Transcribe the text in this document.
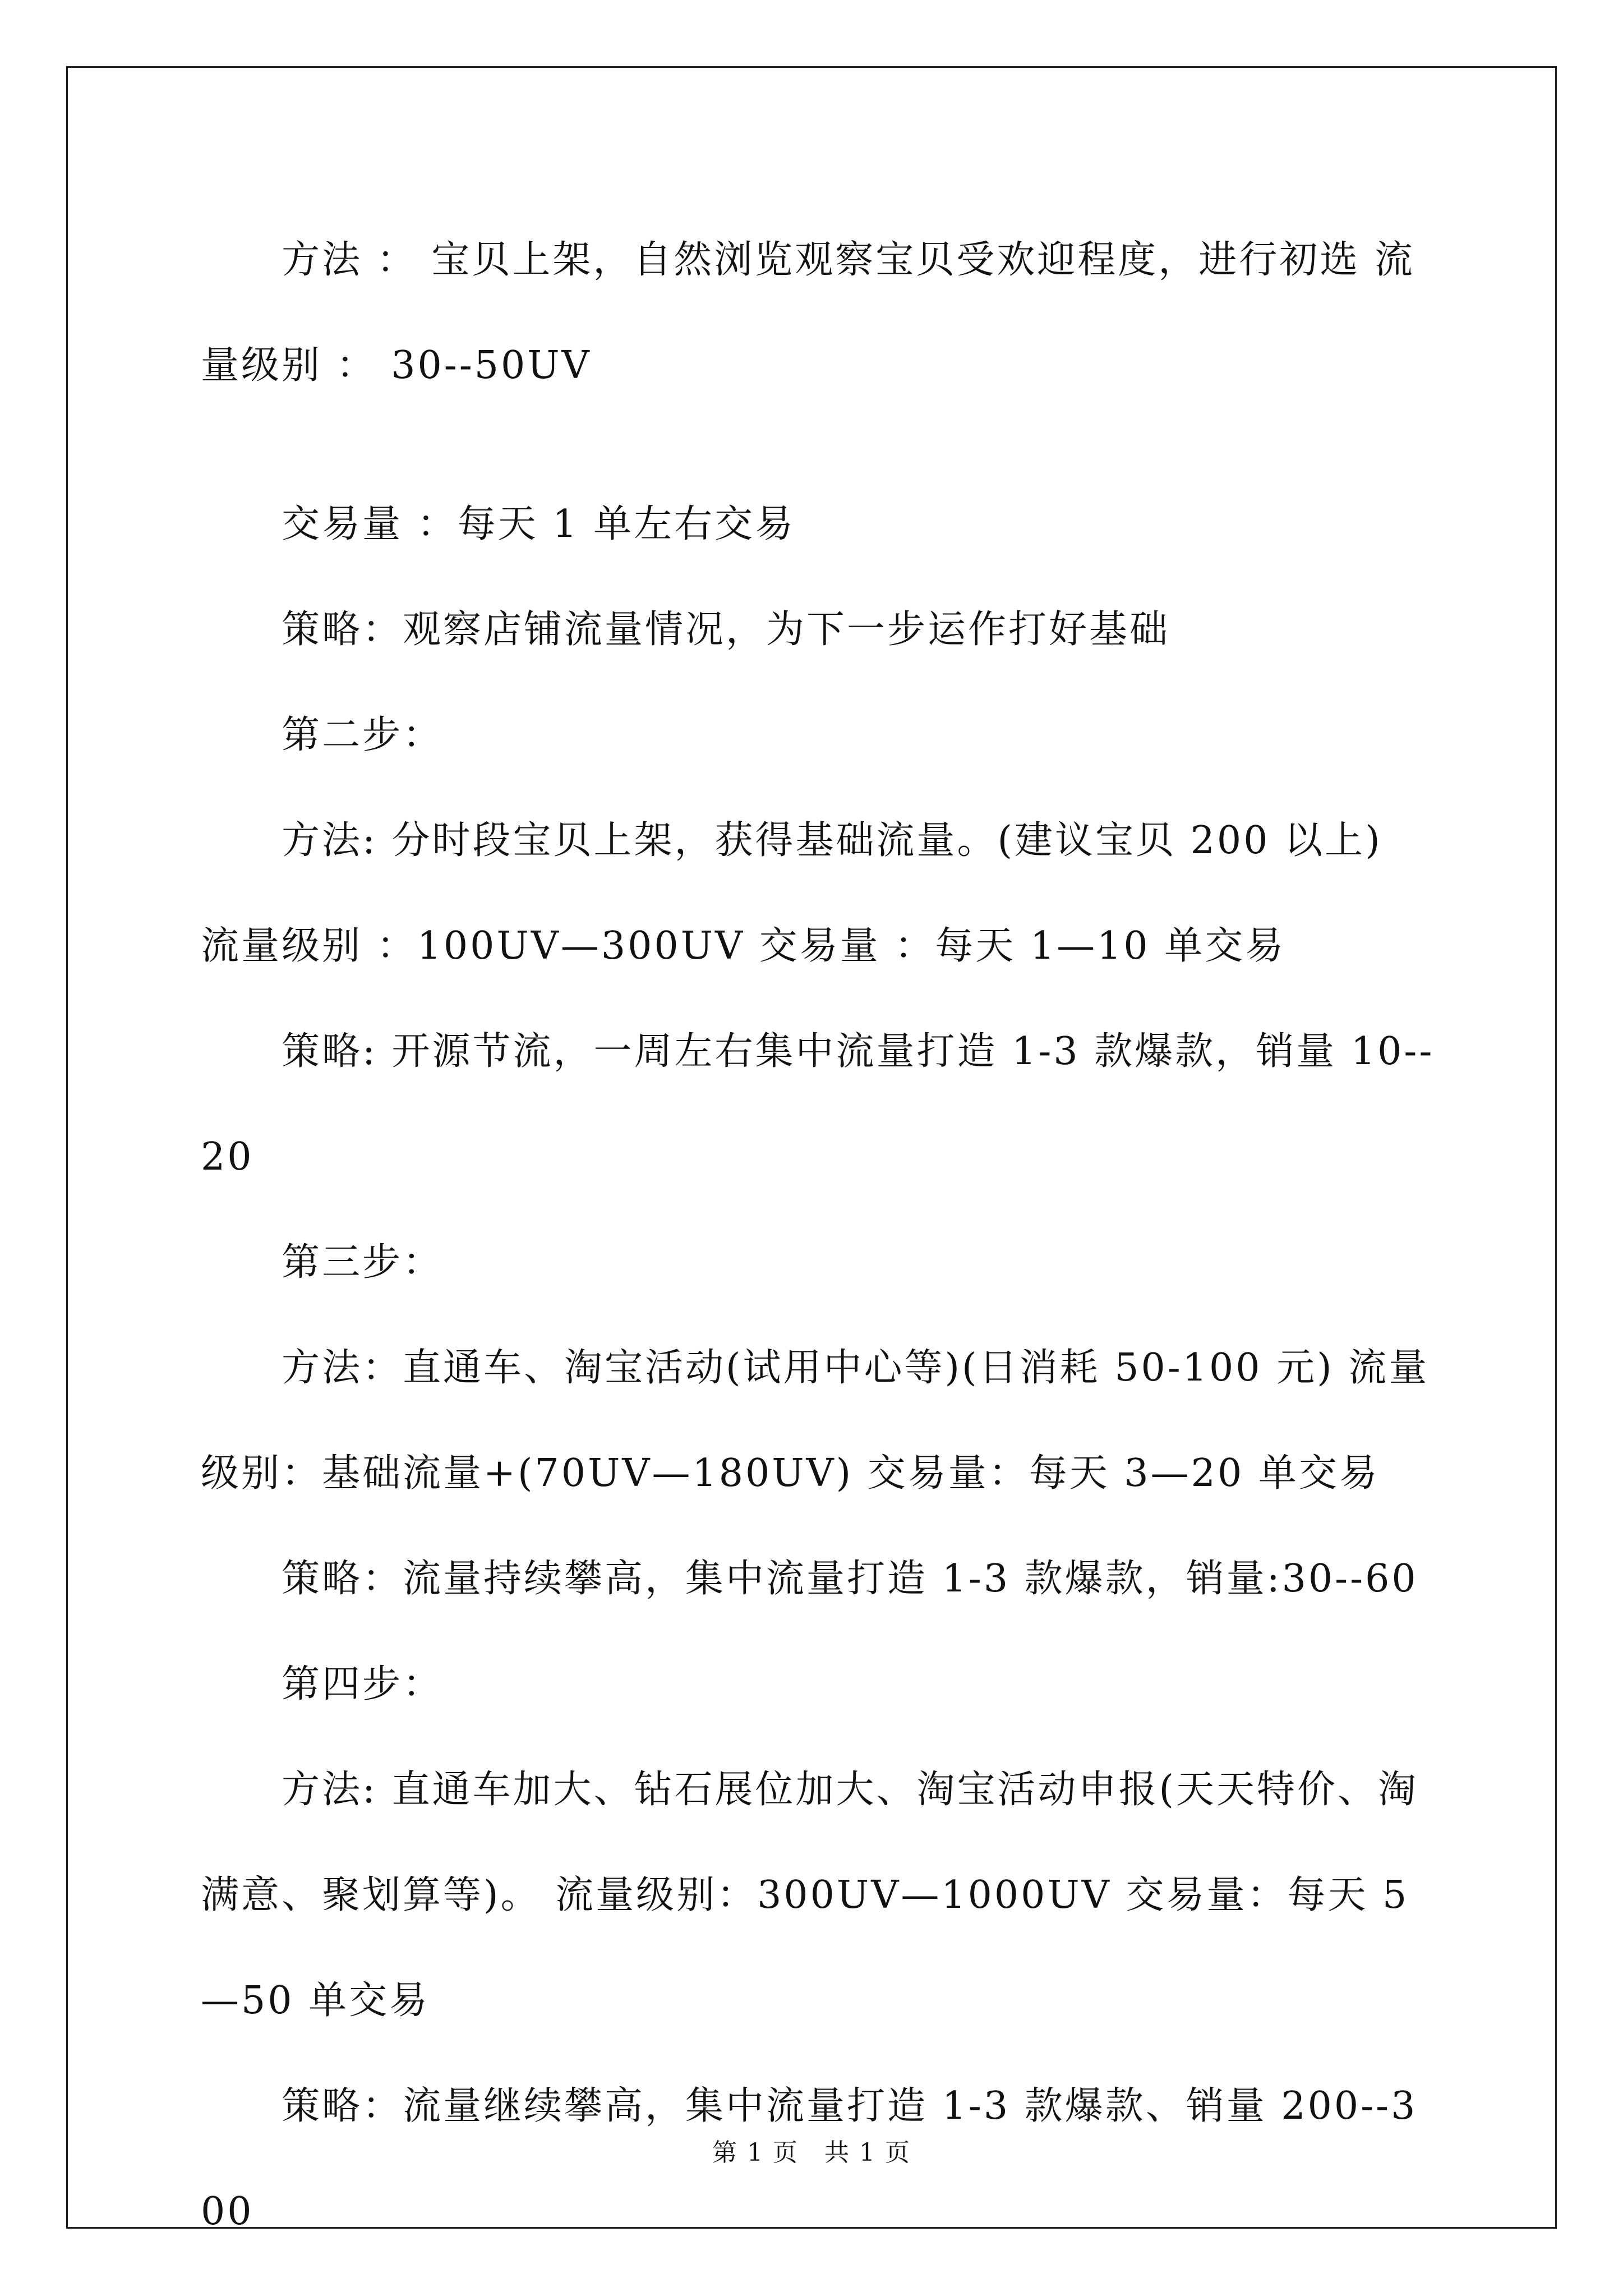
方法 ： 宝贝上架，自然浏览观察宝贝受欢迎程度，进行初选 流量级别 ： 30--50UV

交易量 ：每天 1 单左右交易

策略：观察店铺流量情况，为下一步运作打好基础

第二步：

方法: 分时段宝贝上架，获得基础流量。(建议宝贝 200 以上) 流量级别 ：100UV—300UV 交易量 ：每天 1—10 单交易

策略: 开源节流，一周左右集中流量打造 1-3 款爆款，销量 10--20

第三步：

方法：直通车、淘宝活动(试用中心等)(日消耗 50-100 元) 流量级别：基础流量+(70UV—180UV) 交易量：每天 3—20 单交易

策略：流量持续攀高，集中流量打造 1-3 款爆款，销量:30--60

第四步：

方法: 直通车加大、钻石展位加大、淘宝活动申报(天天特价、淘满意、聚划算等)。 流量级别：300UV—1000UV 交易量：每天 5—50 单交易

策略：流量继续攀高，集中流量打造 1-3 款爆款、销量 200--300

第 1 页　共 1 页
